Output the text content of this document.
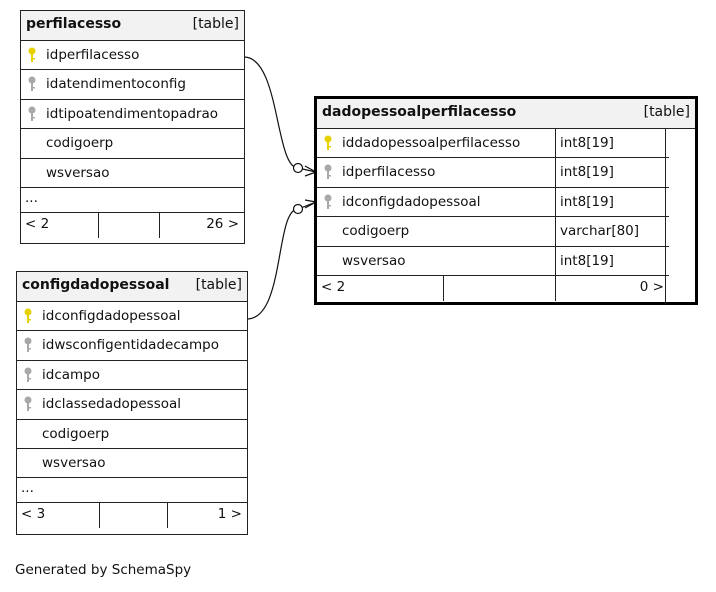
perfilacesso	[table]
idperfilacesso
idatendimentoconfig
idtipoatendimentopadrao
codigoerp
wsversao
...
< 2	26 >
configdadopessoal [table]
idconfigdadopessoal
idwsconfigentidadecampo
idcampo
idclassedadopessoal
codigoerp
wsversao
...
< 3	1 >
dadopessoalperfilacesso	[table]
iddadopessoalperfilacesso	int8[19]
idperfilacesso	int8[19]
idconfigdadopessoal	int8[19]
codigoerp	varchar[80]
wsversao	int8[19]
< 2	0 >
Generated by SchemaSpy
